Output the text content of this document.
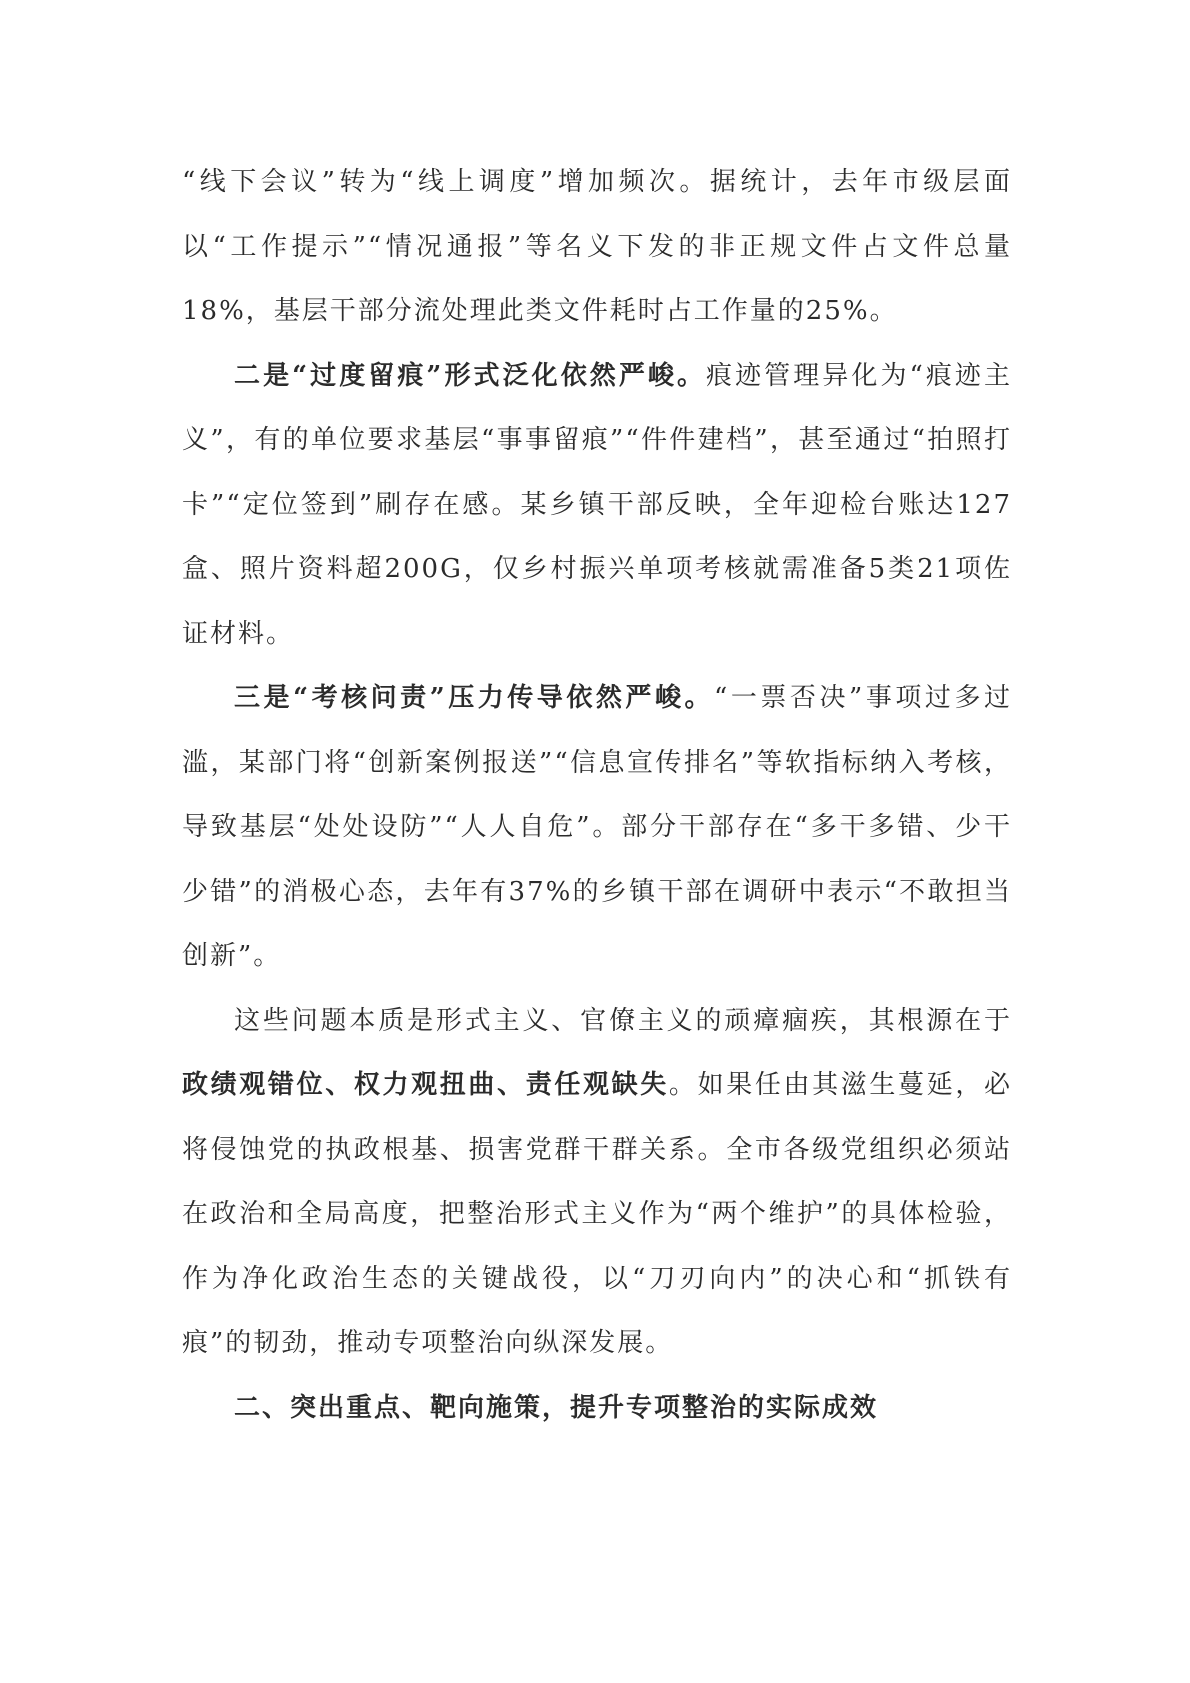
“线下会议”转为“线上调度”增加频次。据统计，去年市级层面以“工作提示”“情况通报”等名义下发的非正规文件占文件总量18%，基层干部分流处理此类文件耗时占工作量的25%。

二是“过度留痕”形式泛化依然严峻。痕迹管理异化为“痕迹主义”，有的单位要求基层“事事留痕”“件件建档”，甚至通过“拍照打卡”“定位签到”刷存在感。某乡镇干部反映，全年迎检台账达127盒、照片资料超200G，仅乡村振兴单项考核就需准备5类21项佐证材料。

三是“考核问责”压力传导依然严峻。“一票否决”事项过多过滥，某部门将“创新案例报送”“信息宣传排名”等软指标纳入考核，导致基层“处处设防”“人人自危”。部分干部存在“多干多错、少干少错”的消极心态，去年有37%的乡镇干部在调研中表示“不敢担当创新”。

这些问题本质是形式主义、官僚主义的顽瘴痼疾，其根源在于政绩观错位、权力观扭曲、责任观缺失。如果任由其滋生蔓延，必将侵蚀党的执政根基、损害党群干群关系。全市各级党组织必须站在政治和全局高度，把整治形式主义作为“两个维护”的具体检验，作为净化政治生态的关键战役，以“刀刃向内”的决心和“抓铁有痕”的韧劲，推动专项整治向纵深发展。

二、突出重点、靶向施策，提升专项整治的实际成效
